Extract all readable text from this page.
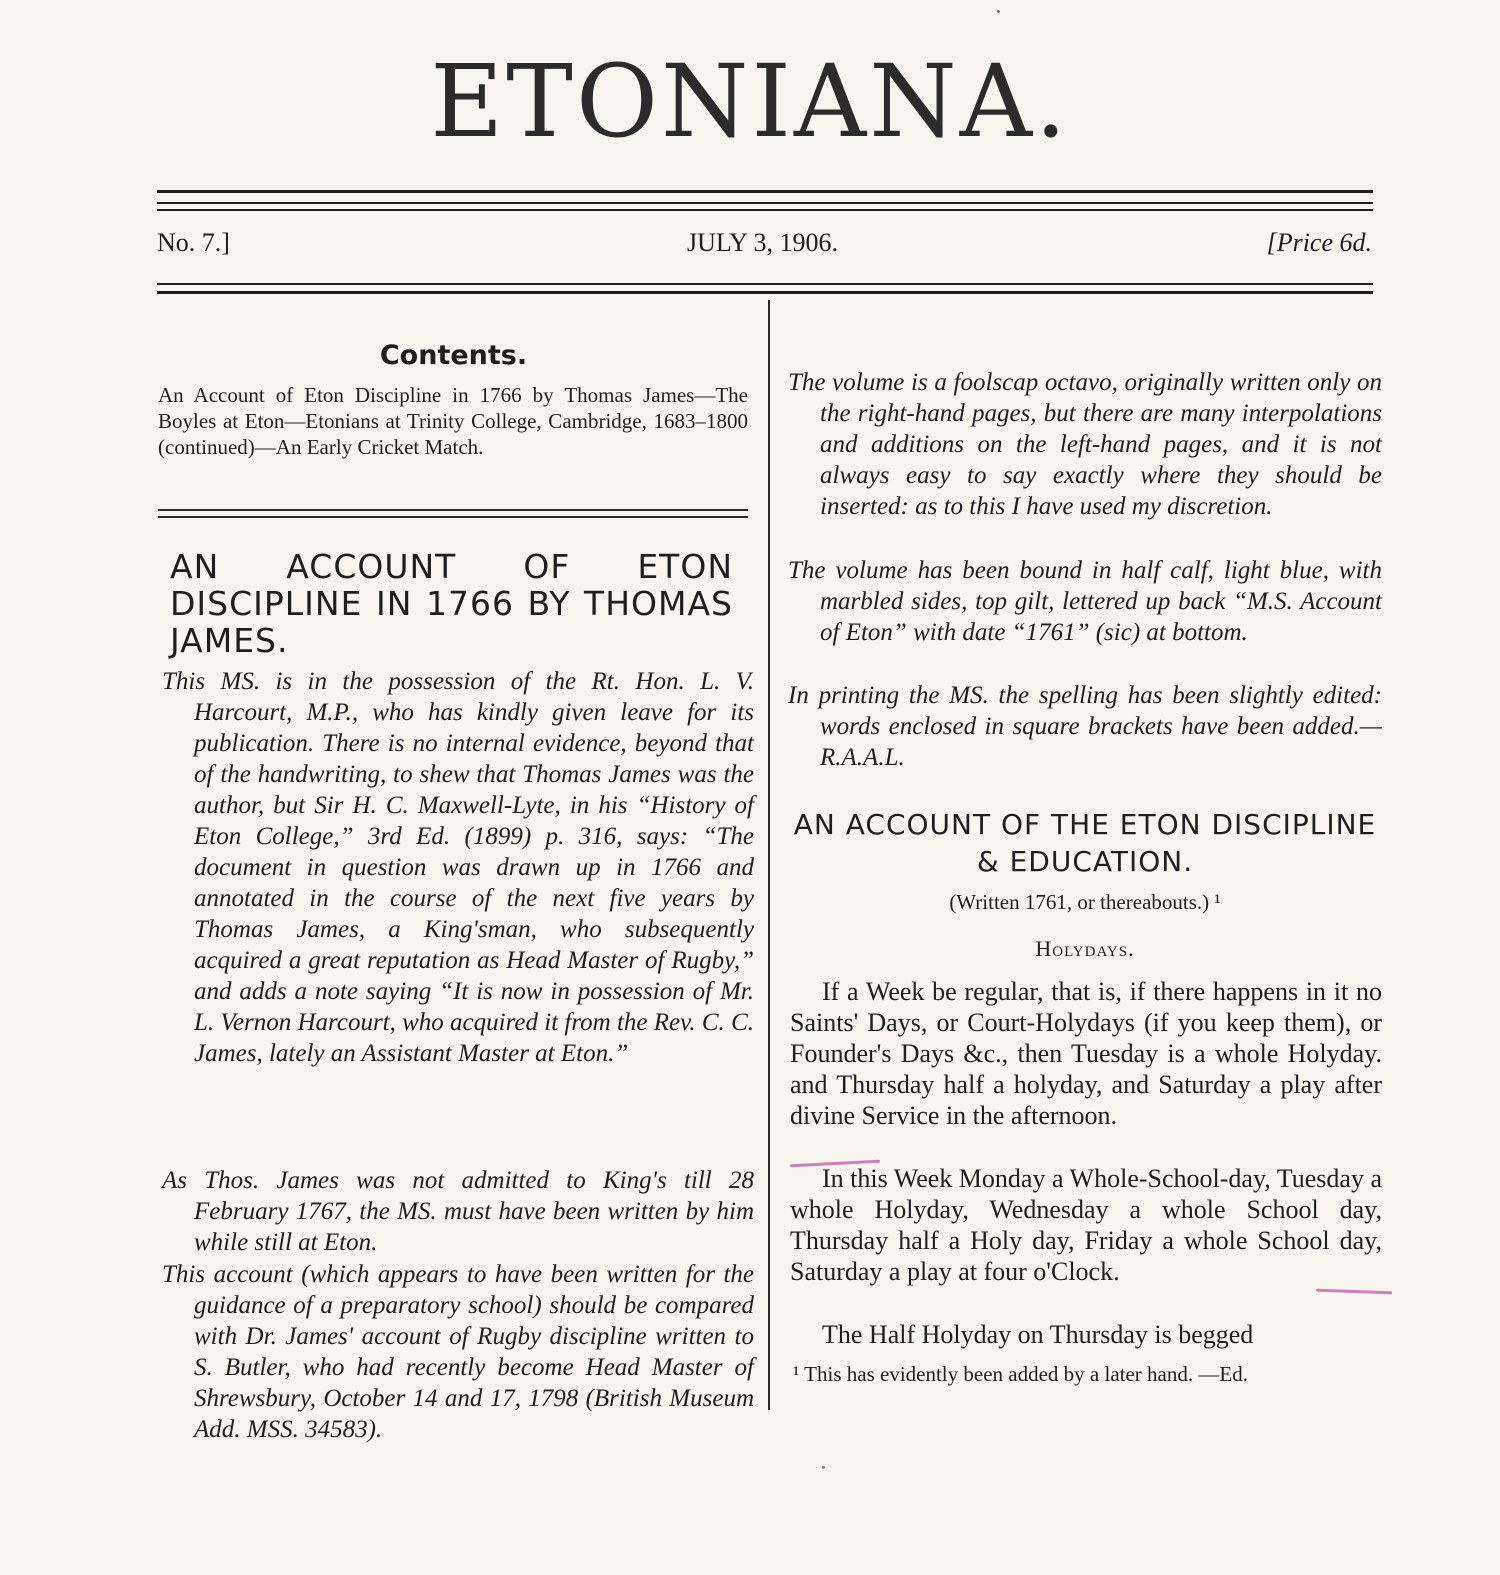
ETONIANA.
No. 7.]	JULY 3, 1906.	[Price 6d.
Contents.
An Account of Eton Discipline in 1766 by Thomas James—The Boyles at Eton—Etonians at Trinity College, Cambridge, 1683–1800 (continued)—An Early Cricket Match.
AN ACCOUNT OF ETON DISCIPLINE IN 1766 BY THOMAS JAMES.
This MS. is in the possession of the Rt. Hon. L. V. Harcourt, M.P., who has kindly given leave for its publication. There is no internal evidence, beyond that of the handwriting, to shew that Thomas James was the author, but Sir H. C. Maxwell-Lyte, in his “History of Eton College,” 3rd Ed. (1899) p. 316, says: “The document in question was drawn up in 1766 and annotated in the course of the next five years by Thomas James, a King'sman, who subsequently acquired a great reputation as Head Master of Rugby,” and adds a note saying “It is now in possession of Mr. L. Vernon Harcourt, who acquired it from the Rev. C. C. James, lately an Assistant Master at Eton.”
As Thos. James was not admitted to King's till 28 February 1767, the MS. must have been written by him while still at Eton.
This account (which appears to have been written for the guidance of a preparatory school) should be compared with Dr. James' account of Rugby discipline written to S. Butler, who had recently become Head Master of Shrewsbury, October 14 and 17, 1798 (British Museum Add. MSS. 34583).
The volume is a foolscap octavo, originally written only on the right-hand pages, but there are many interpolations and additions on the left-hand pages, and it is not always easy to say exactly where they should be inserted: as to this I have used my discretion.
The volume has been bound in half calf, light blue, with marbled sides, top gilt, lettered up back “M.S. Account of Eton” with date “1761” (sic) at bottom.
In printing the MS. the spelling has been slightly edited: words enclosed in square brackets have been added.—R.A.A.L.
AN ACCOUNT OF THE ETON DISCIPLINE & EDUCATION.
(Written 1761, or thereabouts.) ¹
Holydays.
If a Week be regular, that is, if there happens in it no Saints' Days, or Court-Holydays (if you keep them), or Founder's Days &c., then Tuesday is a whole Holyday. and Thursday half a holyday, and Saturday a play after divine Service in the afternoon.
In this Week Monday a Whole-School-day, Tuesday a whole Holyday, Wednesday a whole School day, Thursday half a Holy day, Friday a whole School day, Saturday a play at four o'Clock.
The Half Holyday on Thursday is begged
¹ This has evidently been added by a later hand. —Ed.
